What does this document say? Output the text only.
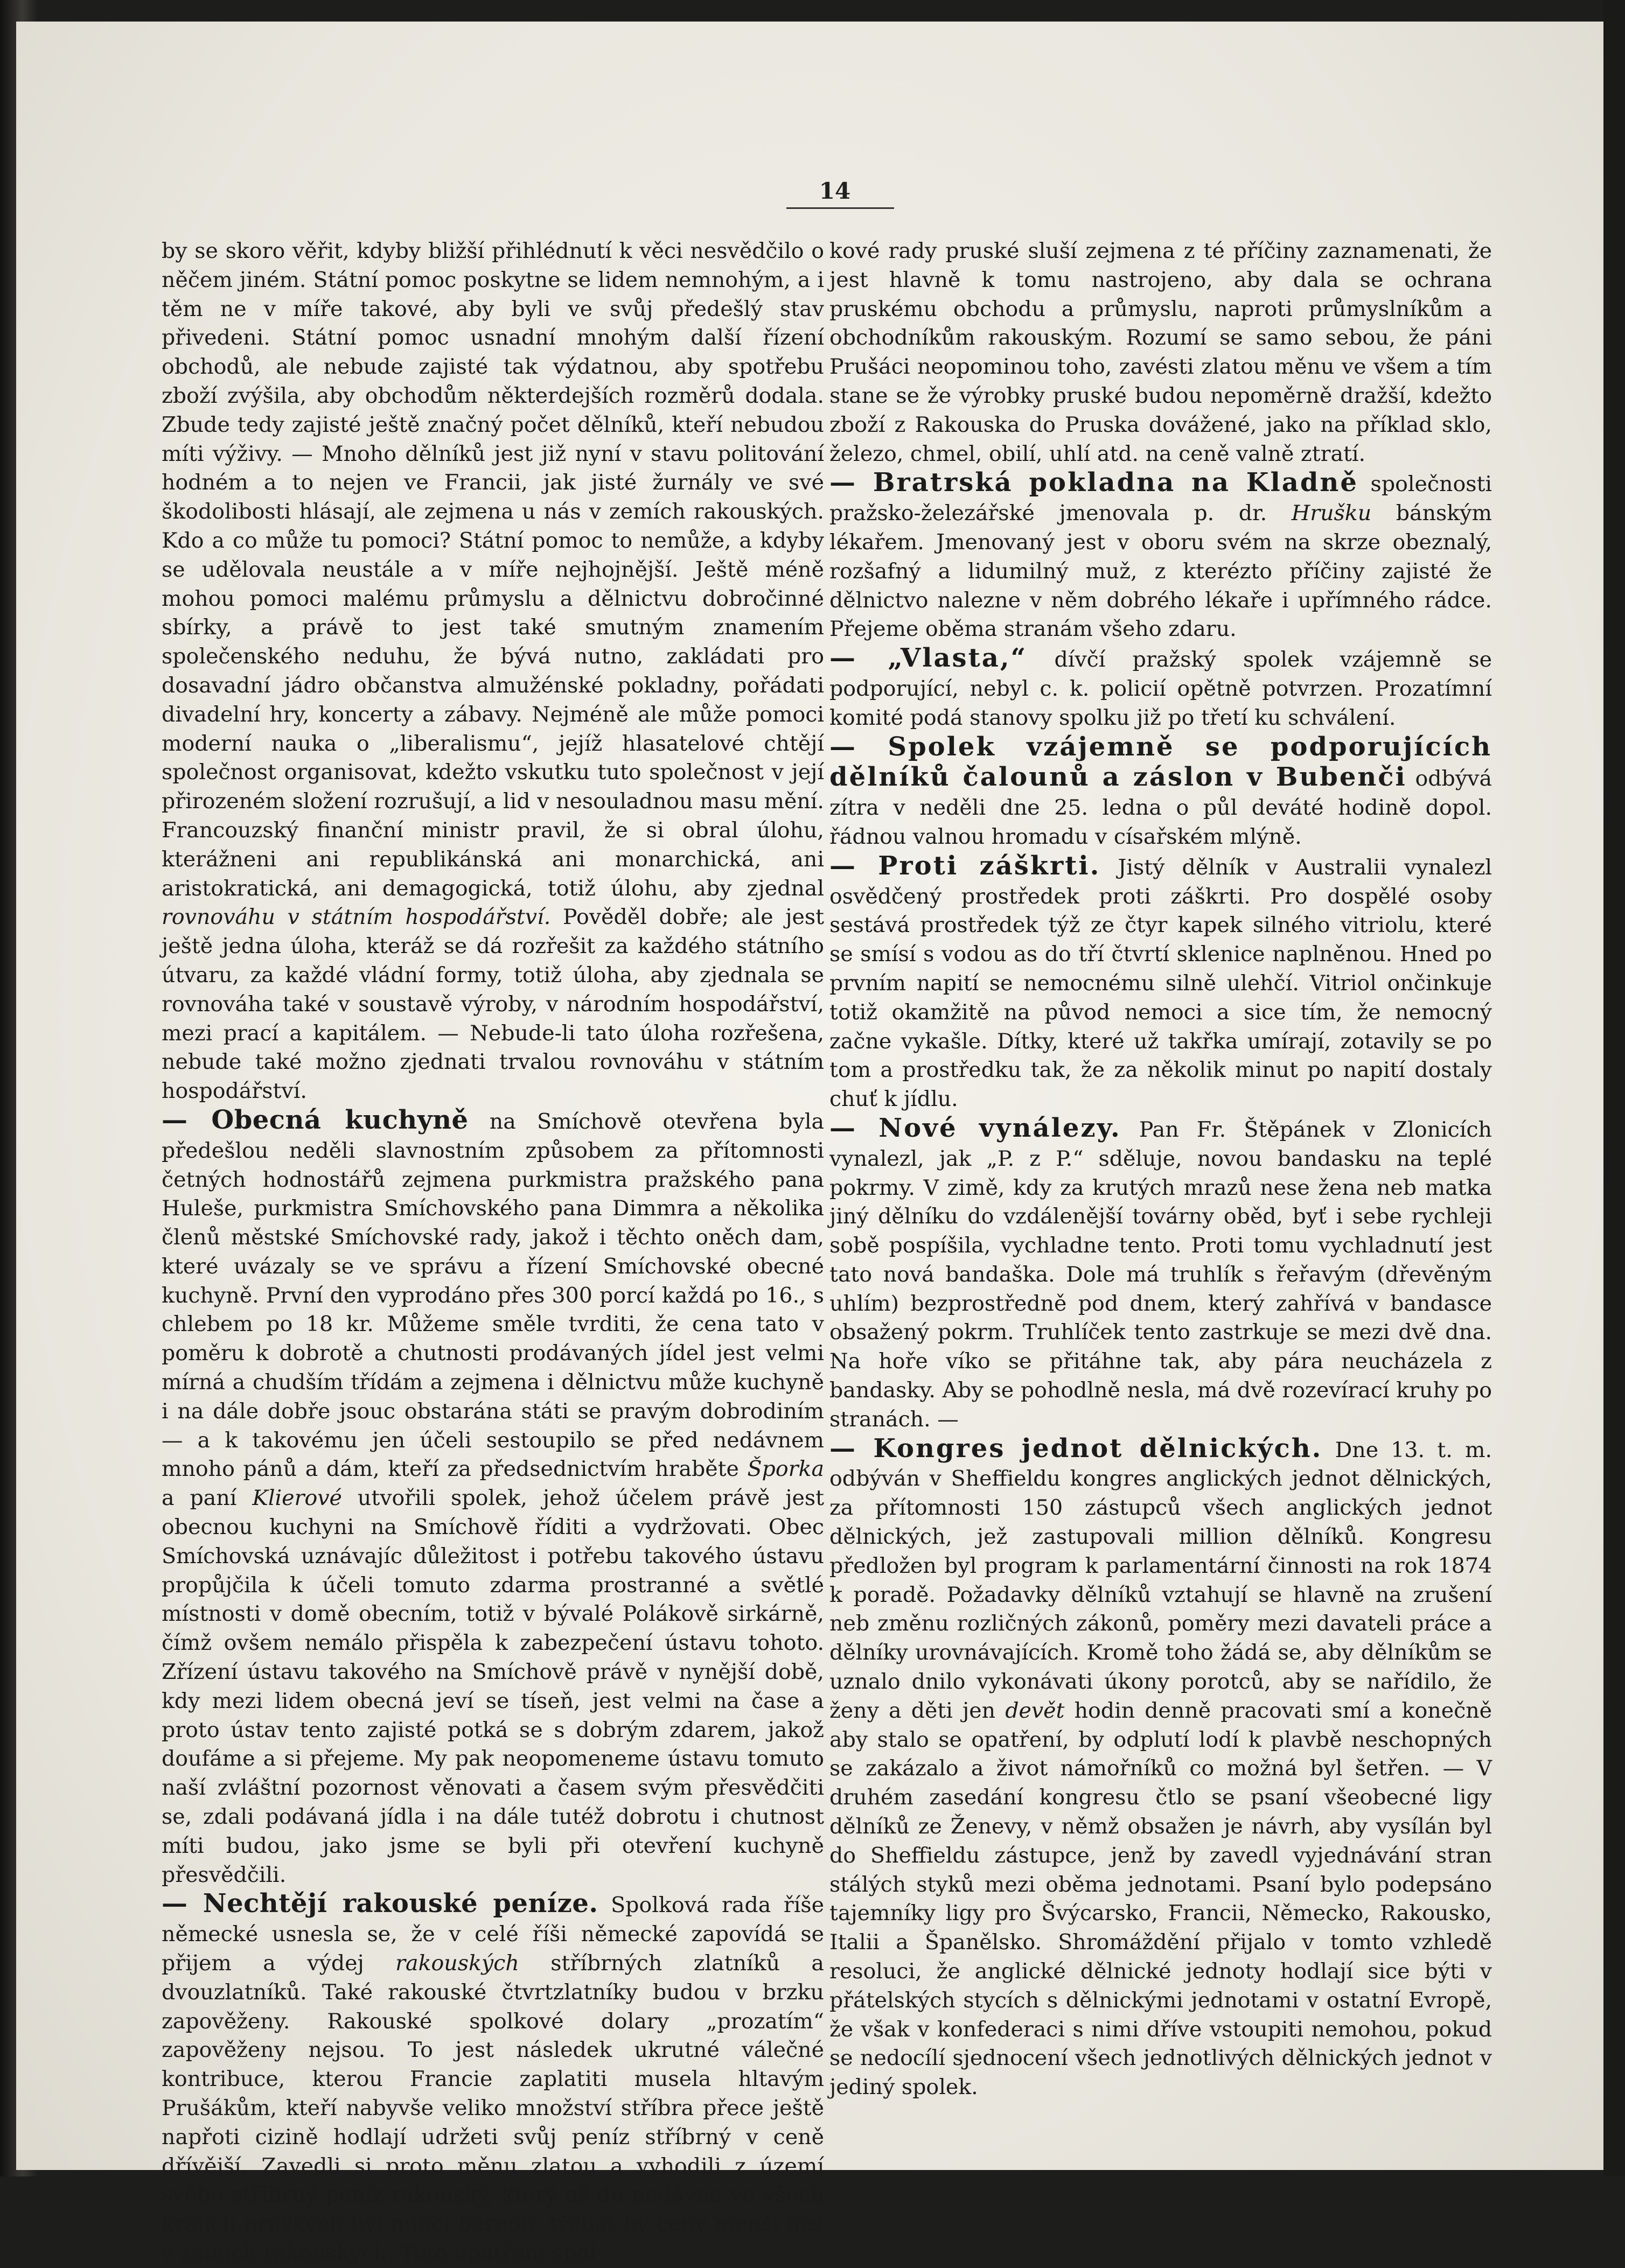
14

by se skoro věřit, kdyby bližší přihlédnutí k věci nesvědčilo o něčem jiném. Státní pomoc poskytne se lidem nemnohým, a i těm ne v míře takové, aby byli ve svůj předešlý stav přivedeni. Státní pomoc usnadní mnohým další řízení obchodů, ale nebude zajisté tak výdatnou, aby spotřebu zboží zvýšila, aby obchodům některdejších rozměrů dodala. Zbude tedy zajisté ještě značný počet dělníků, kteří nebudou míti výživy. — Mnoho dělníků jest již nyní v stavu politování hodném a to nejen ve Francii, jak jisté žurnály ve své škodolibosti hlásají, ale zejmena u nás v zemích rakouských. Kdo a co může tu pomoci? Státní pomoc to nemůže, a kdyby se udělovala neustále a v míře nejhojnější. Ještě méně mohou pomoci malému průmyslu a dělnictvu dobročinné sbírky, a právě to jest také smutným znamením společenského neduhu, že bývá nutno, zakládati pro dosavadní jádro občanstva almužénské pokladny, pořádati divadelní hry, koncerty a zábavy. Nejméně ale může pomoci moderní nauka o „liberalismu“, jejíž hlasatelové chtějí společnost organisovat, kdežto vskutku tuto společnost v její přirozeném složení rozrušují, a lid v nesouladnou masu mění. Francouzský finanční ministr pravil, že si obral úlohu, kterážneni ani republikánská ani monarchická, ani aristokratická, ani demagogická, totiž úlohu, aby zjednal rovnováhu v státním hospodářství. Pověděl dobře; ale jest ještě jedna úloha, kteráž se dá rozřešit za každého státního útvaru, za každé vládní formy, totiž úloha, aby zjednala se rovnováha také v soustavě výroby, v národním hospodářství, mezi prací a kapitálem. — Nebude-li tato úloha rozřešena, nebude také možno zjednati trvalou rovnováhu v státním hospodářství.

— Obecná kuchyně na Smíchově otevřena byla předešlou neděli slavnostním způsobem za přítomnosti četných hodnostářů zejmena purkmistra pražského pana Huleše, purkmistra Smíchovského pana Dimmra a několika členů městské Smíchovské rady, jakož i těchto oněch dam, které uvázaly se ve správu a řízení Smíchovské obecné kuchyně. První den vyprodáno přes 300 porcí každá po 16., s chlebem po 18 kr. Můžeme směle tvrditi, že cena tato v poměru k dobrotě a chutnosti prodávaných jídel jest velmi mírná a chudším třídám a zejmena i dělnictvu může kuchyně i na dále dobře jsouc obstarána státi se pravým dobrodiním — a k takovému jen účeli sestoupilo se před nedávnem mnoho pánů a dám, kteří za předsednictvím hraběte Šporka a paní Klierové utvořili spolek, jehož účelem právě jest obecnou kuchyni na Smíchově říditi a vydržovati. Obec Smíchovská uznávajíc důležitost i potřebu takového ústavu propůjčila k účeli tomuto zdarma prostranné a světlé místnosti v domě obecním, totiž v bývalé Polákově sirkárně, čímž ovšem nemálo přispěla k zabezpečení ústavu tohoto. Zřízení ústavu takového na Smíchově právě v nynější době, kdy mezi lidem obecná jeví se tíseň, jest velmi na čase a proto ústav tento zajisté potká se s dobrým zdarem, jakož doufáme a si přejeme. My pak neopomeneme ústavu tomuto naší zvláštní pozornost věnovati a časem svým přesvědčiti se, zdali podávaná jídla i na dále tutéž dobrotu i chutnost míti budou, jako jsme se byli při otevření kuchyně přesvědčili.

— Nechtějí rakouské peníze. Spolková rada říše německé usnesla se, že v celé říši německé zapovídá se přijem a výdej rakouských stříbrných zlatníků a dvouzlatníků. Také rakouské čtvrtzlatníky budou v brzku zapověženy. Rakouské spolkové dolary „prozatím“ zapověženy nejsou. To jest následek ukrutné válečné kontribuce, kterou Francie zaplatiti musela hltavým Prušákům, kteří nabyvše veliko množství stříbra přece ještě napřoti cizině hodlají udržeti svůj peníz stříbrný v ceně dřívější. Zavedli si proto měnu zlatou a vyhodili z území svého stříbrný peníz rakouský, který až do nedávna ve všech krajích pruských byl mincí bernou, třebať by ceny menší než v zemích rakouských. Toto opatření spol-

kové rady pruské sluší zejmena z té příčiny zaznamenati, že jest hlavně k tomu nastrojeno, aby dala se ochrana pruskému obchodu a průmyslu, naproti průmyslníkům a obchodníkům rakouským. Rozumí se samo sebou, že páni Prušáci neopominou toho, zavésti zlatou měnu ve všem a tím stane se že výrobky pruské budou nepoměrně dražší, kdežto zboží z Rakouska do Pruska dovážené, jako na příklad sklo, železo, chmel, obilí, uhlí atd. na ceně valně ztratí.

— Bratrská pokladna na Kladně společnosti pražsko-železářské jmenovala p. dr. Hrušku bánským lékařem. Jmenovaný jest v oboru svém na skrze obeznalý, rozšafný a lidumilný muž, z kterézto příčiny zajisté že dělnictvo nalezne v něm dobrého lékaře i upřímného rádce. Přejeme oběma stranám všeho zdaru.

— „Vlasta,“ dívčí pražský spolek vzájemně se podporující, nebyl c. k. policií opětně potvrzen. Prozatímní komité podá stanovy spolku již po třetí ku schválení.

— Spolek vzájemně se podporujících dělníků čalounů a záslon v Bubenči odbývá zítra v neděli dne 25. ledna o půl deváté hodině dopol. řádnou valnou hromadu v císařském mlýně.

— Proti záškrti. Jistý dělník v Australii vynalezl osvědčený prostředek proti záškrti. Pro dospělé osoby sestává prostředek týž ze čtyr kapek silného vitriolu, které se smísí s vodou as do tří čtvrtí sklenice naplněnou. Hned po prvním napití se nemocnému silně ulehčí. Vitriol ončinkuje totiž okamžitě na původ nemoci a sice tím, že nemocný začne vykašle. Dítky, které už takřka umírají, zotavily se po tom a prostředku tak, že za několik minut po napití dostaly chuť k jídlu.

— Nové vynálezy. Pan Fr. Štěpánek v Zlonicích vynalezl, jak „P. z P.“ sděluje, novou bandasku na teplé pokrmy. V zimě, kdy za krutých mrazů nese žena neb matka jiný dělníku do vzdálenější továrny oběd, byť i sebe rychleji sobě pospíšila, vychladne tento. Proti tomu vychladnutí jest tato nová bandaška. Dole má truhlík s řeřavým (dřevěným uhlím) bezprostředně pod dnem, který zahřívá v bandasce obsažený pokrm. Truhlíček tento zastrkuje se mezi dvě dna. Na hoře víko se přitáhne tak, aby pára neucházela z bandasky. Aby se pohodlně nesla, má dvě rozevírací kruhy po stranách. —

— Kongres jednot dělnických. Dne 13. t. m. odbýván v Sheffieldu kongres anglických jednot dělnických, za přítomnosti 150 zástupců všech anglických jednot dělnických, jež zastupovali million dělníků. Kongresu předložen byl program k parlamentární činnosti na rok 1874 k poradě. Požadavky dělníků vztahují se hlavně na zrušení neb změnu rozličných zákonů, poměry mezi davateli práce a dělníky urovnávajících. Kromě toho žádá se, aby dělníkům se uznalo dnilo vykonávati úkony porotců, aby se nařídilo, že ženy a děti jen devět hodin denně pracovati smí a konečně aby stalo se opatření, by odplutí lodí k plavbě neschopných se zakázalo a život námořníků co možná byl šetřen. — V druhém zasedání kongresu čtlo se psaní všeobecné ligy dělníků ze Ženevy, v němž obsažen je návrh, aby vysílán byl do Sheffieldu zástupce, jenž by zavedl vyjednávání stran stálých styků mezi oběma jednotami. Psaní bylo podepsáno tajemníky ligy pro Švýcarsko, Francii, Německo, Rakousko, Italii a Španělsko. Shromáždění přijalo v tomto vzhledě resoluci, že anglické dělnické jednoty hodlají sice býti v přátelských stycích s dělnickými jednotami v ostatní Evropě, že však v konfederaci s nimi dříve vstoupiti nemohou, pokud se nedocílí sjednocení všech jednotlivých dělnických jednot v jediný spolek.
